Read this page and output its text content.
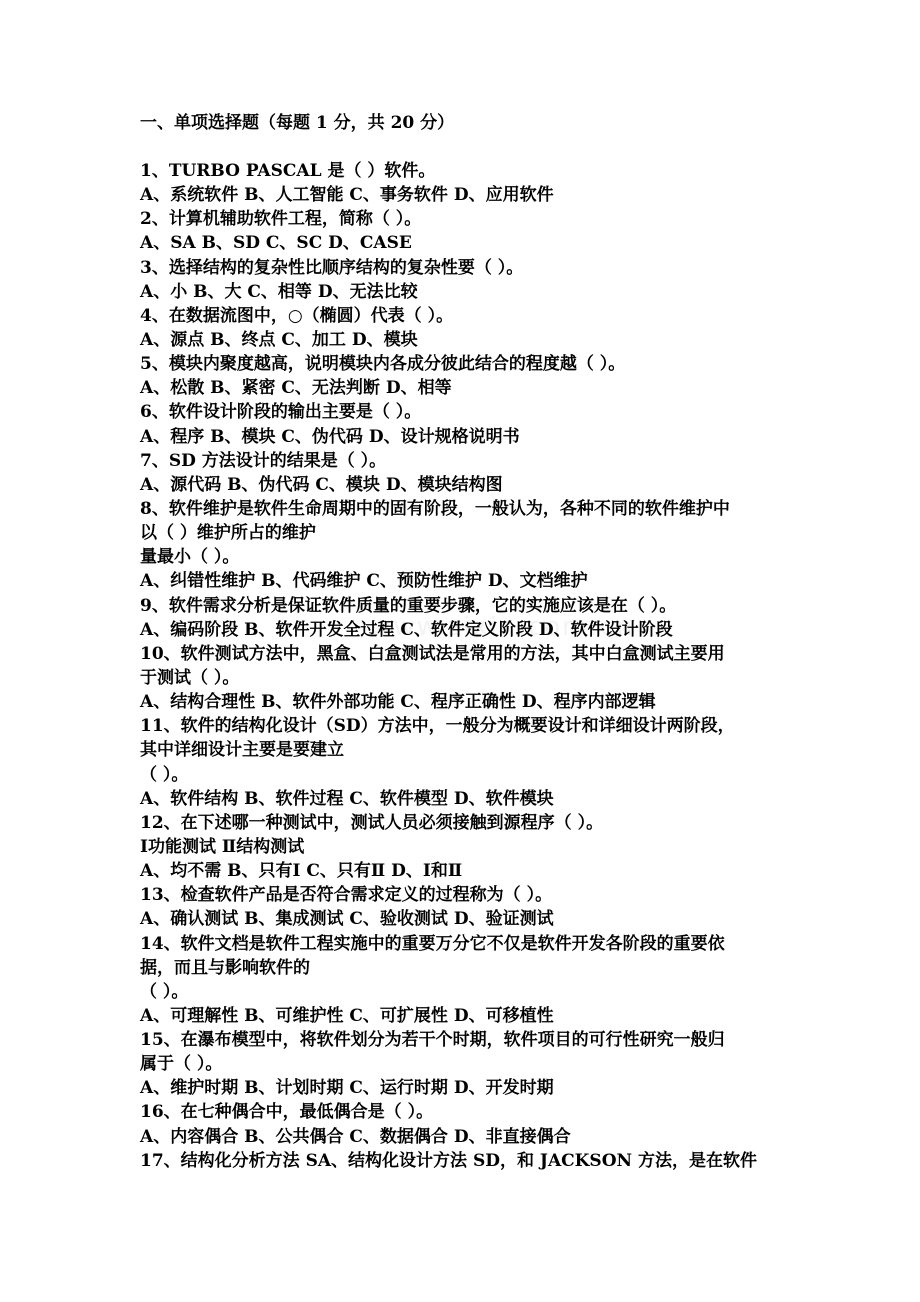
一、单项选择题（每题 1 分，共 20 分）
1、TURBO PASCAL 是（ ）软件。
A、系统软件 B、人工智能 C、事务软件 D、应用软件
2、计算机辅助软件工程，简称（ ）。
A、SA B、SD C、SC D、CASE
3、选择结构的复杂性比顺序结构的复杂性要（ ）。
A、小 B、大 C、相等 D、无法比较
4、在数据流图中，○（椭圆）代表（ ）。
A、源点 B、终点 C、加工 D、模块
5、模块内聚度越高，说明模块内各成分彼此结合的程度越（ ）。
A、松散 B、紧密 C、无法判断 D、相等
6、软件设计阶段的输出主要是（ ）。
A、程序 B、模块 C、伪代码 D、设计规格说明书
7、SD 方法设计的结果是（ ）。
A、源代码 B、伪代码 C、模块 D、模块结构图
8、软件维护是软件生命周期中的固有阶段，一般认为，各种不同的软件维护中
以（ ）维护所占的维护
量最小（ ）。
A、纠错性维护 B、代码维护 C、预防性维护 D、文档维护
9、软件需求分析是保证软件质量的重要步骤，它的实施应该是在（ ）。
A、编码阶段 B、软件开发全过程 C、软件定义阶段 D、软件设计阶段
10、软件测试方法中，黑盒、白盒测试法是常用的方法，其中白盒测试主要用
于测试（ ）。
A、结构合理性 B、软件外部功能 C、程序正确性 D、程序内部逻辑
11、软件的结构化设计（SD）方法中，一般分为概要设计和详细设计两阶段，
其中详细设计主要是要建立
（ ）。
A、软件结构 B、软件过程 C、软件模型 D、软件模块
12、在下述哪一种测试中，测试人员必须接触到源程序（ ）。
Ⅰ功能测试 Ⅱ结构测试
A、均不需 B、只有Ⅰ C、只有Ⅱ D、Ⅰ和Ⅱ
13、检查软件产品是否符合需求定义的过程称为（ ）。
A、确认测试 B、集成测试 C、验收测试 D、验证测试
14、软件文档是软件工程实施中的重要万分它不仅是软件开发各阶段的重要依
据，而且与影响软件的
（ ）。
A、可理解性 B、可维护性 C、可扩展性 D、可移植性
15、在瀑布模型中，将软件划分为若干个时期，软件项目的可行性研究一般归
属于（ ）。
A、维护时期 B、计划时期 C、运行时期 D、开发时期
16、在七种偶合中，最低偶合是（ ）。
A、内容偶合 B、公共偶合 C、数据偶合 D、非直接偶合
17、结构化分析方法 SA、结构化设计方法 SD，和 JACKSON 方法，是在软件
